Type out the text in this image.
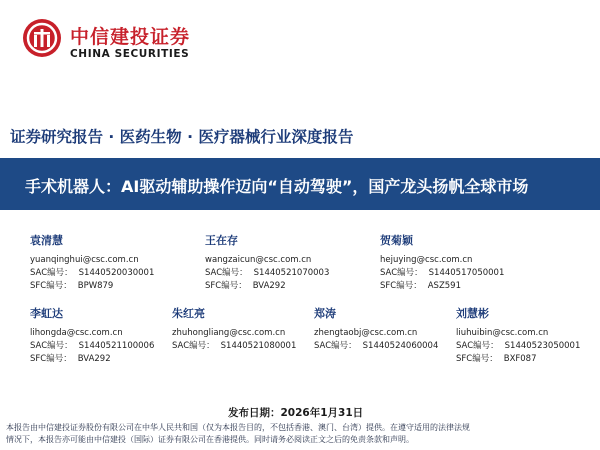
中信建投证券
CHINA SECURITIES
证券研究报告 · 医药生物 · 医疗器械行业深度报告
手术机器人：AI驱动辅助操作迈向“自动驾驶”，国产龙头扬帆全球市场
袁清慧
yuanqinghui@csc.com.cn
SAC编号： S1440520030001
SFC编号： BPW879
王在存
wangzaicun@csc.com.cn
SAC编号： S1440521070003
SFC编号： BVA292
贺菊颖
hejuying@csc.com.cn
SAC编号： S1440517050001
SFC编号： ASZ591
李虹达
lihongda@csc.com.cn
SAC编号： S1440521100006
SFC编号： BVA292
朱红亮
zhuhongliang@csc.com.cn
SAC编号： S1440521080001
郑涛
zhengtaobj@csc.com.cn
SAC编号： S1440524060004
刘慧彬
liuhuibin@csc.com.cn
SAC编号： S1440523050001
SFC编号： BXF087
发布日期：2026年1月31日
本报告由中信建投证券股份有限公司在中华人民共和国（仅为本报告目的，不包括香港、澳门、台湾）提供。在遵守适用的法律法规
情况下，本报告亦可能由中信建投（国际）证券有限公司在香港提供。同时请务必阅读正文之后的免责条款和声明。
